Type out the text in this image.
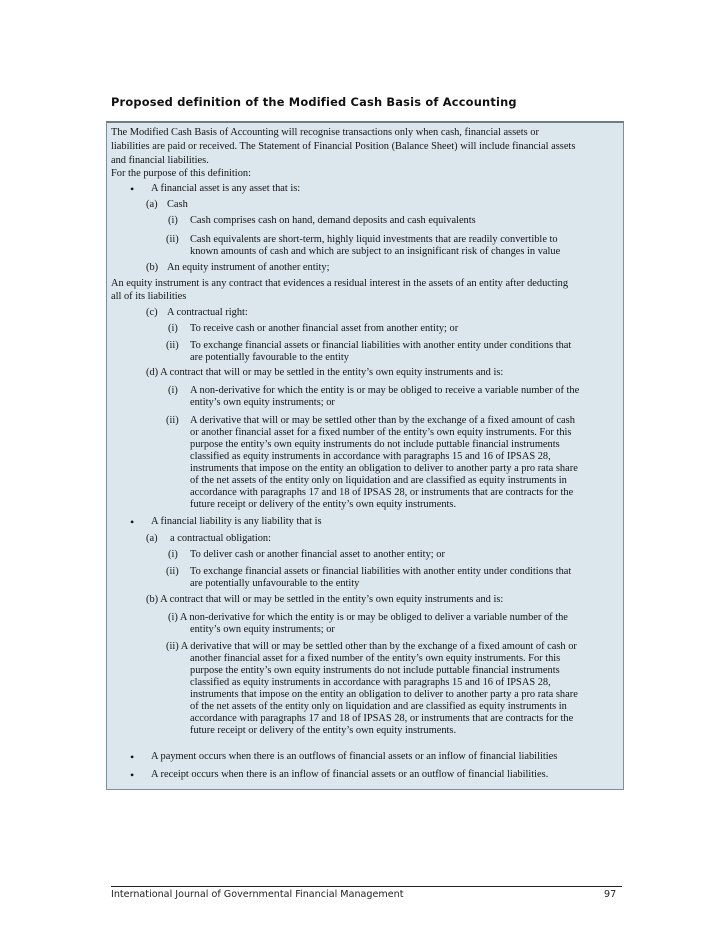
Proposed definition of the Modified Cash Basis of Accounting
The Modified Cash Basis of Accounting will recognise transactions only when cash, financial assets or
liabilities are paid or received. The Statement of Financial Position (Balance Sheet) will include financial assets
and financial liabilities.
For the purpose of this definition:
• A financial asset is any asset that is:
(a) Cash
(i) Cash comprises cash on hand, demand deposits and cash equivalents
(ii) Cash equivalents are short-term, highly liquid investments that are readily convertible to
known amounts of cash and which are subject to an insignificant risk of changes in value
(b) An equity instrument of another entity;
An equity instrument is any contract that evidences a residual interest in the assets of an entity after deducting
all of its liabilities
(c) A contractual right:
(i) To receive cash or another financial asset from another entity; or
(ii) To exchange financial assets or financial liabilities with another entity under conditions that
are potentially favourable to the entity
(d) A contract that will or may be settled in the entity’s own equity instruments and is:
(i) A non-derivative for which the entity is or may be obliged to receive a variable number of the
entity’s own equity instruments; or
(ii) A derivative that will or may be settled other than by the exchange of a fixed amount of cash
or another financial asset for a fixed number of the entity’s own equity instruments. For this
purpose the entity’s own equity instruments do not include puttable financial instruments
classified as equity instruments in accordance with paragraphs 15 and 16 of IPSAS 28,
instruments that impose on the entity an obligation to deliver to another party a pro rata share
of the net assets of the entity only on liquidation and are classified as equity instruments in
accordance with paragraphs 17 and 18 of IPSAS 28, or instruments that are contracts for the
future receipt or delivery of the entity’s own equity instruments.
• A financial liability is any liability that is
(a) a contractual obligation:
(i) To deliver cash or another financial asset to another entity; or
(ii) To exchange financial assets or financial liabilities with another entity under conditions that
are potentially unfavourable to the entity
(b) A contract that will or may be settled in the entity’s own equity instruments and is:
(i) A non-derivative for which the entity is or may be obliged to deliver a variable number of the
entity’s own equity instruments; or
(ii) A derivative that will or may be settled other than by the exchange of a fixed amount of cash or
another financial asset for a fixed number of the entity’s own equity instruments. For this
purpose the entity’s own equity instruments do not include puttable financial instruments
classified as equity instruments in accordance with paragraphs 15 and 16 of IPSAS 28,
instruments that impose on the entity an obligation to deliver to another party a pro rata share
of the net assets of the entity only on liquidation and are classified as equity instruments in
accordance with paragraphs 17 and 18 of IPSAS 28, or instruments that are contracts for the
future receipt or delivery of the entity’s own equity instruments.
• A payment occurs when there is an outflows of financial assets or an inflow of financial liabilities
• A receipt occurs when there is an inflow of financial assets or an outflow of financial liabilities.
International Journal of Governmental Financial Management	97
